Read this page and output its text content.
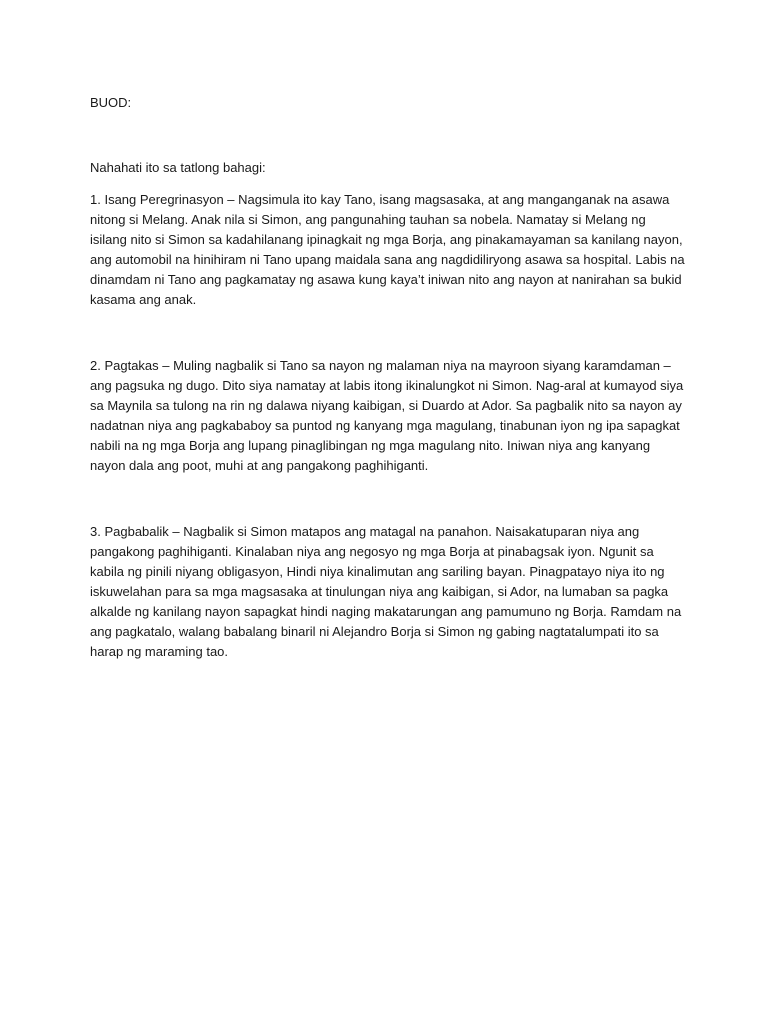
BUOD:
Nahahati ito sa tatlong bahagi:

1. Isang Peregrinasyon – Nagsimula ito kay Tano, isang magsasaka, at ang manganganak na asawa nitong si Melang. Anak nila si Simon, ang pangunahing tauhan sa nobela. Namatay si Melang ng isilang nito si Simon sa kadahilanang ipinagkait ng mga Borja, ang pinakamayaman sa kanilang nayon, ang automobil na hinihiram ni Tano upang maidala sana ang nagdidiliryong asawa sa hospital. Labis na dinamdam ni Tano ang pagkamatay ng asawa kung kaya’t iniwan nito ang nayon at nanirahan sa bukid kasama ang anak.

2. Pagtakas – Muling nagbalik si Tano sa nayon ng malaman niya na mayroon siyang karamdaman – ang pagsuka ng dugo. Dito siya namatay at labis itong ikinalungkot ni Simon. Nag-aral at kumayod siya sa Maynila sa tulong na rin ng dalawa niyang kaibigan, si Duardo at Ador. Sa pagbalik nito sa nayon ay nadatnan niya ang pagkababoy sa puntod ng kanyang mga magulang, tinabunan iyon ng ipa sapagkat nabili na ng mga Borja ang lupang pinaglibingan ng mga magulang nito. Iniwan niya ang kanyang nayon dala ang poot, muhi at ang pangakong paghihiganti.

3. Pagbabalik – Nagbalik si Simon matapos ang matagal na panahon. Naisakatuparan niya ang pangakong paghihiganti. Kinalaban niya ang negosyo ng mga Borja at pinabagsak iyon. Ngunit sa kabila ng pinili niyang obligasyon, Hindi niya kinalimutan ang sariling bayan. Pinagpatayo niya ito ng iskuwelahan para sa mga magsasaka at tinulungan niya ang kaibigan, si Ador, na lumaban sa pagka alkalde ng kanilang nayon sapagkat hindi naging makatarungan ang pamumuno ng Borja. Ramdam na ang pagkatalo, walang babalang binaril ni Alejandro Borja si Simon ng gabing nagtatalumpati ito sa harap ng maraming tao.
